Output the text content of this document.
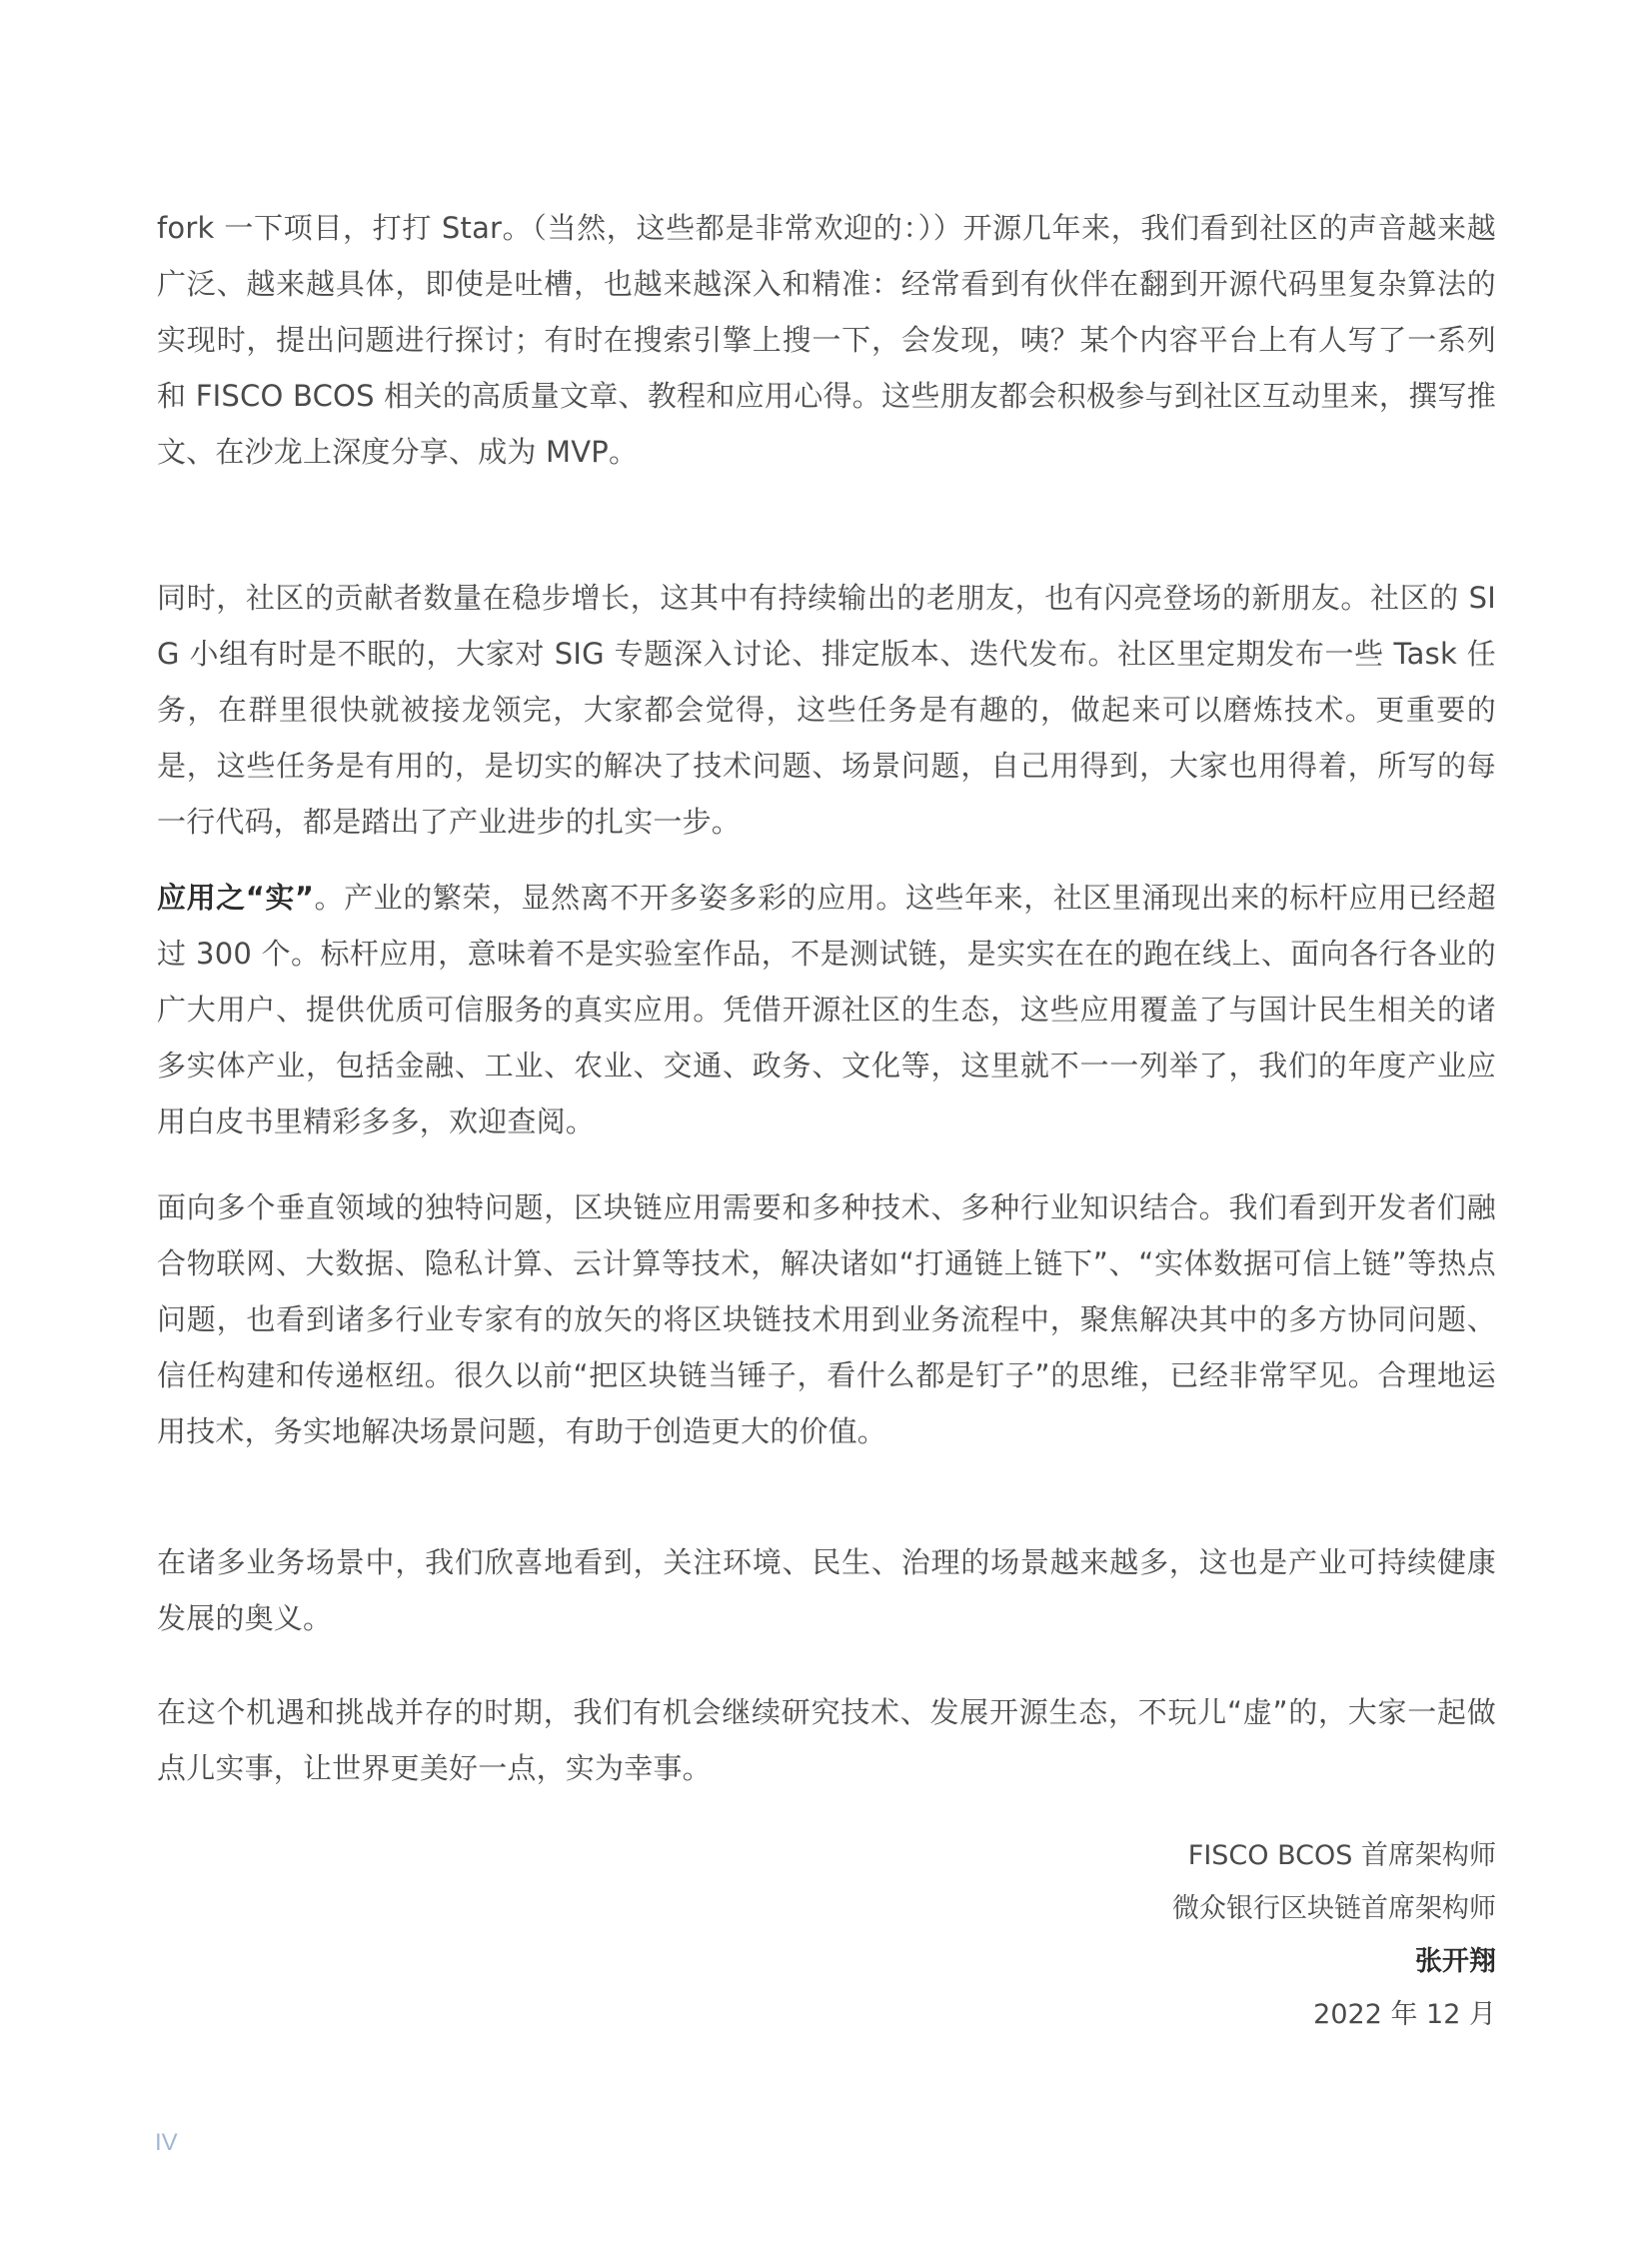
fork 一下项目，打打 Star。（当然，这些都是非常欢迎的：））开源几年来，我们看到社区的声音越来越广泛、越来越具体，即使是吐槽，也越来越深入和精准：经常看到有伙伴在翻到开源代码里复杂算法的实现时，提出问题进行探讨；有时在搜索引擎上搜一下，会发现，咦？某个内容平台上有人写了一系列和 FISCO BCOS 相关的高质量文章、教程和应用心得。这些朋友都会积极参与到社区互动里来，撰写推文、在沙龙上深度分享、成为 MVP。

同时，社区的贡献者数量在稳步增长，这其中有持续输出的老朋友，也有闪亮登场的新朋友。社区的 SIG 小组有时是不眠的，大家对 SIG 专题深入讨论、排定版本、迭代发布。社区里定期发布一些 Task 任务，在群里很快就被接龙领完，大家都会觉得，这些任务是有趣的，做起来可以磨炼技术。更重要的是，这些任务是有用的，是切实的解决了技术问题、场景问题，自己用得到，大家也用得着，所写的每一行代码，都是踏出了产业进步的扎实一步。

应用之“实”。产业的繁荣，显然离不开多姿多彩的应用。这些年来，社区里涌现出来的标杆应用已经超过 300 个。标杆应用，意味着不是实验室作品，不是测试链，是实实在在的跑在线上、面向各行各业的广大用户、提供优质可信服务的真实应用。凭借开源社区的生态，这些应用覆盖了与国计民生相关的诸多实体产业，包括金融、工业、农业、交通、政务、文化等，这里就不一一列举了，我们的年度产业应用白皮书里精彩多多，欢迎查阅。

面向多个垂直领域的独特问题，区块链应用需要和多种技术、多种行业知识结合。我们看到开发者们融合物联网、大数据、隐私计算、云计算等技术，解决诸如“打通链上链下”、“实体数据可信上链”等热点问题，也看到诸多行业专家有的放矢的将区块链技术用到业务流程中，聚焦解决其中的多方协同问题、信任构建和传递枢纽。很久以前“把区块链当锤子，看什么都是钉子”的思维，已经非常罕见。合理地运用技术，务实地解决场景问题，有助于创造更大的价值。

在诸多业务场景中，我们欣喜地看到，关注环境、民生、治理的场景越来越多，这也是产业可持续健康发展的奥义。

在这个机遇和挑战并存的时期，我们有机会继续研究技术、发展开源生态，不玩儿“虚”的，大家一起做点儿实事，让世界更美好一点，实为幸事。

FISCO BCOS 首席架构师
微众银行区块链首席架构师
张开翔
2022 年 12 月
IV
